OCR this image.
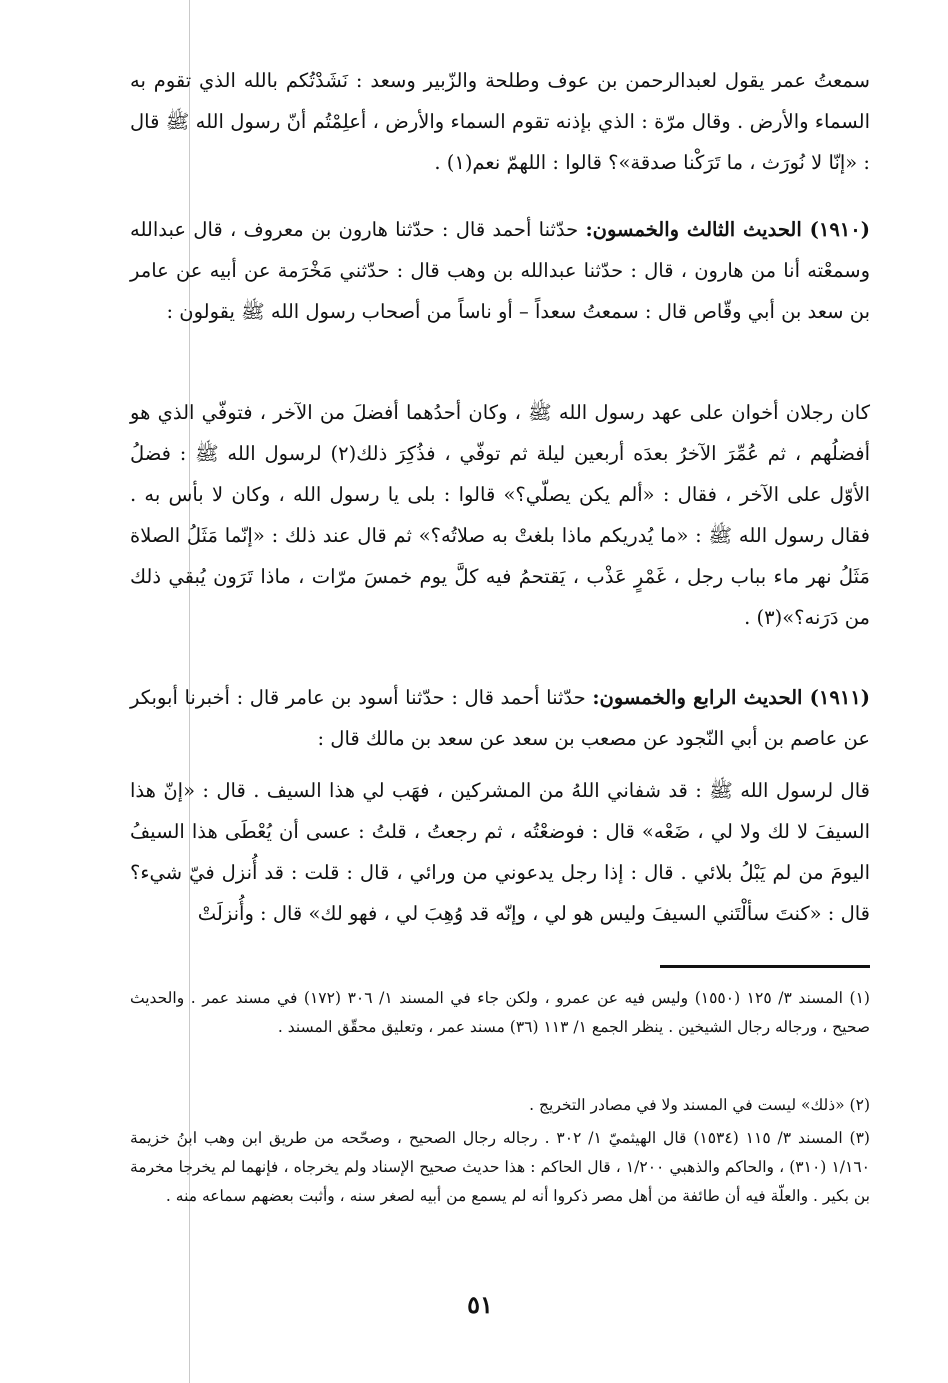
سمعتُ عمر يقول لعبدالرحمن بن عوف وطلحة والزّبير وسعد : نَشَدْتُكم بالله الذي تقوم به السماء والأرض . وقال مرّة : الذي بإذنه تقوم السماء والأرض ، أعلِمْتُم أنّ رسول الله ﷺ قال : «إنّا لا نُورَث ، ما تَرَكْنا صدقة»؟ قالوا : اللهمّ نعم(١) .
(١٩١٠) الحديث الثالث والخمسون: حدّثنا أحمد قال : حدّثنا هارون بن معروف ، قال عبدالله وسمعْته أنا من هارون ، قال : حدّثنا عبدالله بن وهب قال : حدّثني مَخْرَمة عن أبيه عن عامر بن سعد بن أبي وقّاص قال : سمعتُ سعداً – أو ناساً من أصحاب رسول الله ﷺ يقولون :
كان رجلان أخوان على عهد رسول الله ﷺ ، وكان أحدُهما أفضلَ من الآخر ، فتوفّي الذي هو أفضلُهم ، ثم عُمِّرَ الآخرُ بعدَه أربعين ليلة ثم توفّي ، فذُكِرَ ذلك(٢) لرسول الله ﷺ : فضلُ الأوّل على الآخر ، فقال : «ألم يكن يصلّي؟» قالوا : بلى يا رسول الله ، وكان لا بأس به . فقال رسول الله ﷺ : «ما يُدريكم ماذا بلغتْ به صلاتُه؟» ثم قال عند ذلك : «إنّما مَثَلُ الصلاة مَثَلُ نهر ماء بباب رجل ، غَمْرٍ عَذْب ، يَقتحمُ فيه كلَّ يوم خمسَ مرّات ، ماذا تَرَون يُبقي ذلك من دَرَنه؟»(٣) .
(١٩١١) الحديث الرابع والخمسون: حدّثنا أحمد قال : حدّثنا أسود بن عامر قال : أخبرنا أبوبكر عن عاصم بن أبي النّجود عن مصعب بن سعد عن سعد بن مالك قال :
قال لرسول الله ﷺ : قد شفاني اللهُ من المشركين ، فهَب لي هذا السيف . قال : «إنّ هذا السيفَ لا لك ولا لي ، ضَعْه» قال : فوضعْتُه ، ثم رجعتُ ، قلتُ : عسى أن يُعْطَى هذا السيفُ اليومَ من لم يَبْلُ بلائي . قال : إذا رجل يدعوني من ورائي ، قال : قلت : قد أُنزل فيّ شيء؟ قال : «كنتَ سألْتَني السيفَ وليس هو لي ، وإنّه قد وُهِبَ لي ، فهو لك» قال : وأُنزلَتْ
(١) المسند ٣/ ١٢٥ (١٥٥٠) وليس فيه عن عمرو ، ولكن جاء في المسند ١/ ٣٠٦ (١٧٢) في مسند عمر . والحديث صحيح ، ورجاله رجال الشيخين . ينظر الجمع ١/ ١١٣ (٣٦) مسند عمر ، وتعليق محقّق المسند .
(٢) «ذلك» ليست في المسند ولا في مصادر التخريج .
(٣) المسند ٣/ ١١٥ (١٥٣٤) قال الهيثميّ ١/ ٣٠٢ . رجاله رجال الصحيح ، وصحّحه من طريق ابن وهب ابنُ خزيمة ١/١٦٠ (٣١٠) ، والحاكم والذهبي ١/٢٠٠ ، قال الحاكم : هذا حديث صحيح الإسناد ولم يخرجاه ، فإنهما لم يخرجا مخرمة بن بكير . والعلّة فيه أن طائفة من أهل مصر ذكروا أنه لم يسمع من أبيه لصغر سنه ، وأثبت بعضهم سماعه منه .
٥١
